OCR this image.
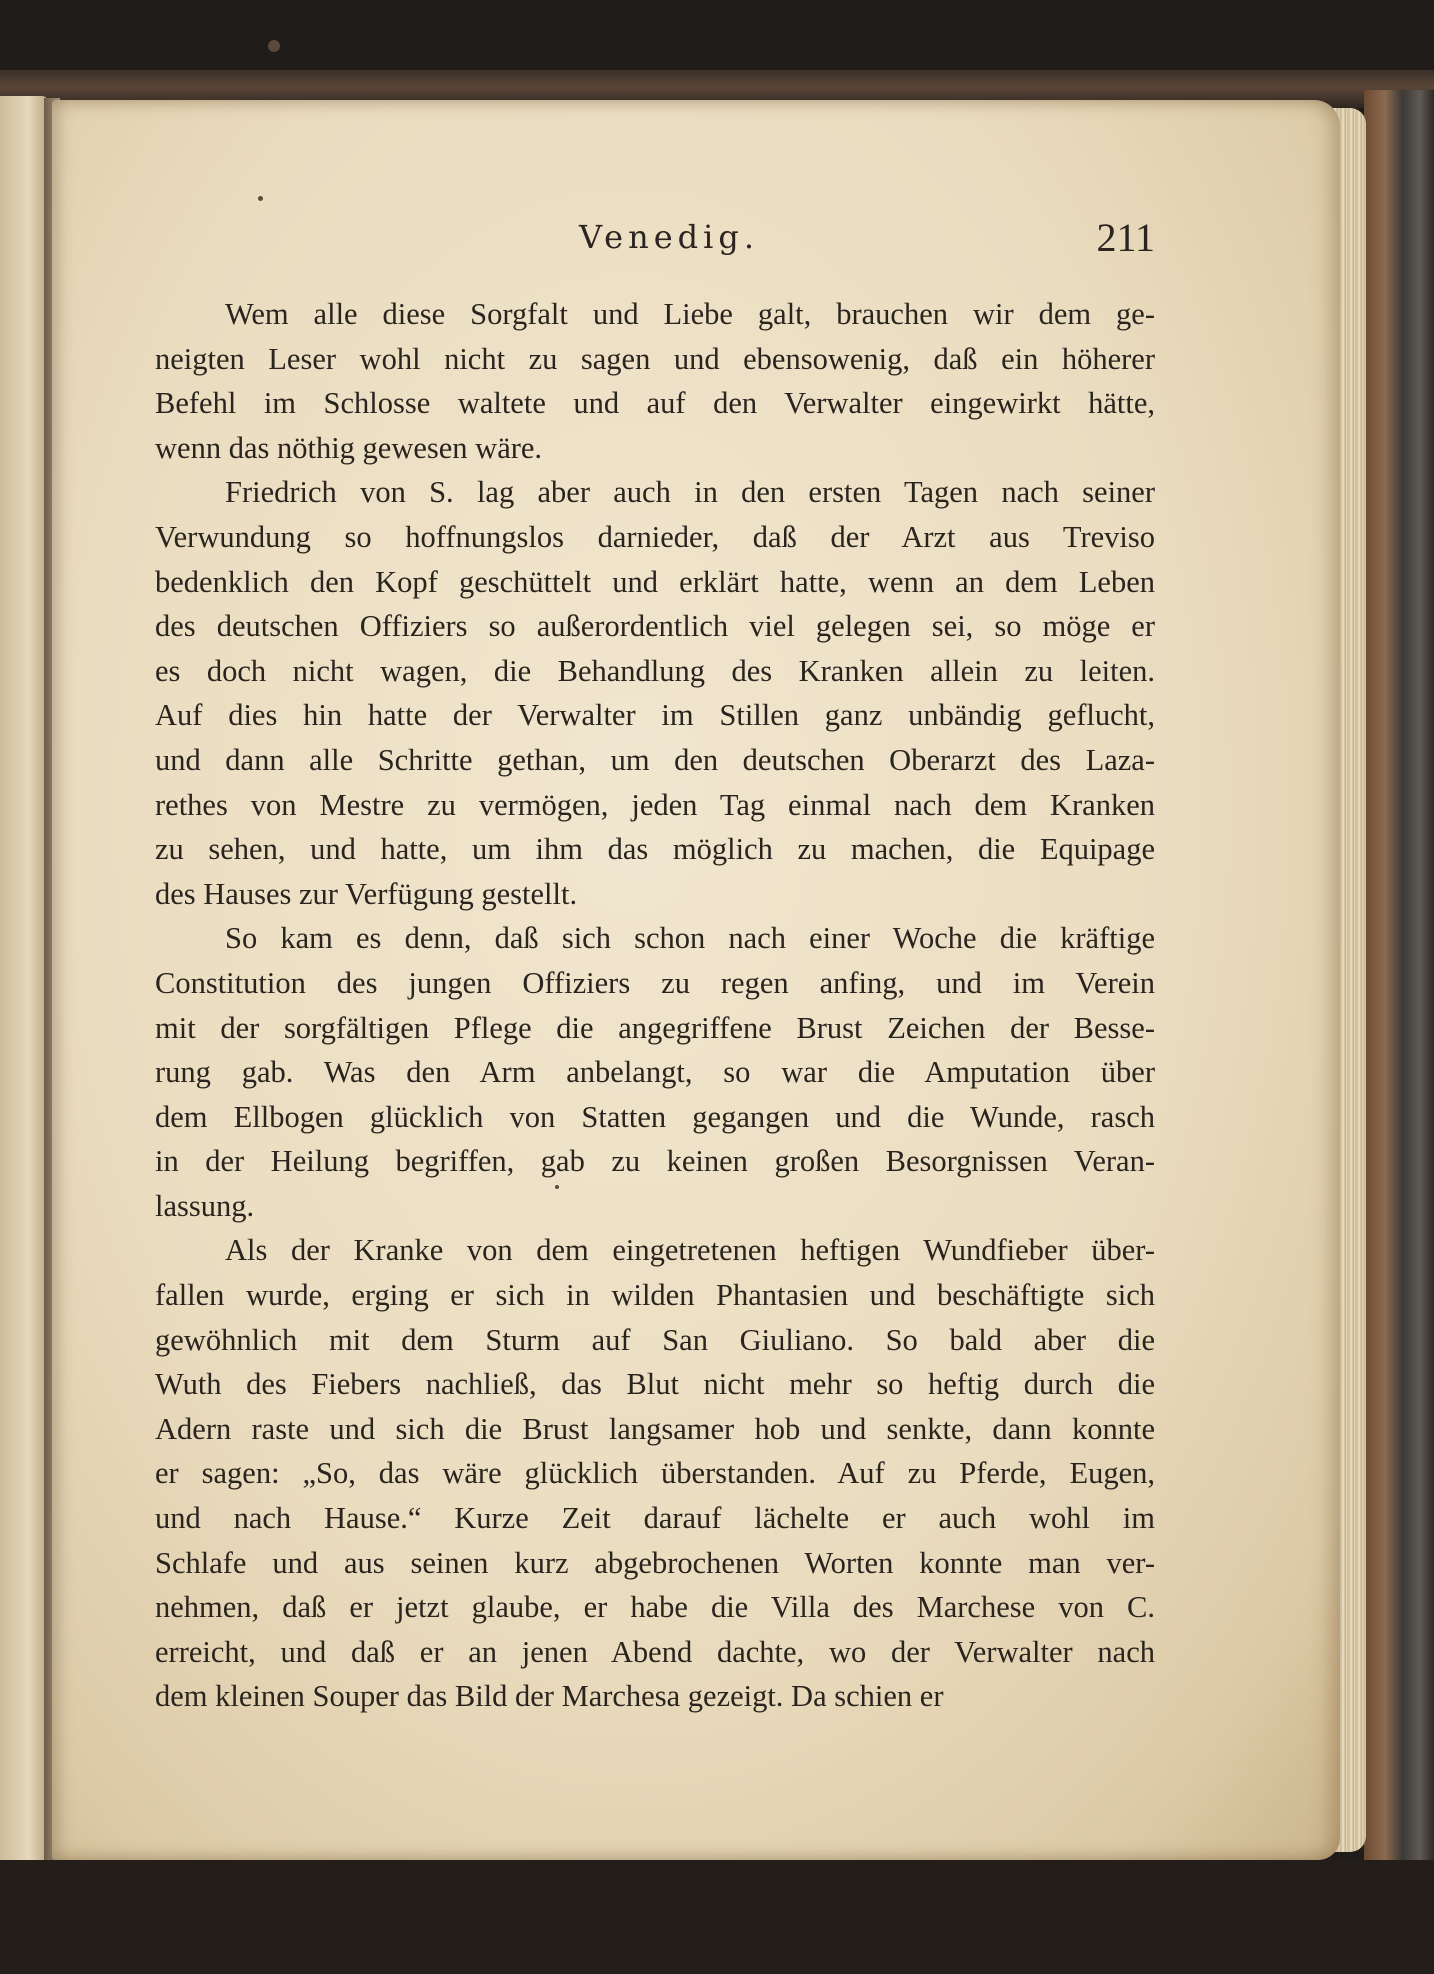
Venedig.	211

Wem alle diese Sorgfalt und Liebe galt, brauchen wir dem ge-
neigten Leser wohl nicht zu sagen und ebensowenig, daß ein höherer
Befehl im Schlosse waltete und auf den Verwalter eingewirkt hätte,
wenn das nöthig gewesen wäre.

Friedrich von S. lag aber auch in den ersten Tagen nach seiner
Verwundung so hoffnungslos darnieder, daß der Arzt aus Treviso
bedenklich den Kopf geschüttelt und erklärt hatte, wenn an dem Leben
des deutschen Offiziers so außerordentlich viel gelegen sei, so möge er
es doch nicht wagen, die Behandlung des Kranken allein zu leiten.
Auf dies hin hatte der Verwalter im Stillen ganz unbändig geflucht,
und dann alle Schritte gethan, um den deutschen Oberarzt des Laza-
rethes von Mestre zu vermögen, jeden Tag einmal nach dem Kranken
zu sehen, und hatte, um ihm das möglich zu machen, die Equipage
des Hauses zur Verfügung gestellt.

So kam es denn, daß sich schon nach einer Woche die kräftige
Constitution des jungen Offiziers zu regen anfing, und im Verein
mit der sorgfältigen Pflege die angegriffene Brust Zeichen der Besse-
rung gab. Was den Arm anbelangt, so war die Amputation über
dem Ellbogen glücklich von Statten gegangen und die Wunde, rasch
in der Heilung begriffen, gab zu keinen großen Besorgnissen Veran-
lassung.

Als der Kranke von dem eingetretenen heftigen Wundfieber über-
fallen wurde, erging er sich in wilden Phantasien und beschäftigte sich
gewöhnlich mit dem Sturm auf San Giuliano. So bald aber die
Wuth des Fiebers nachließ, das Blut nicht mehr so heftig durch die
Adern raste und sich die Brust langsamer hob und senkte, dann konnte
er sagen: „So, das wäre glücklich überstanden. Auf zu Pferde, Eugen,
und nach Hause.“ Kurze Zeit darauf lächelte er auch wohl im
Schlafe und aus seinen kurz abgebrochenen Worten konnte man ver-
nehmen, daß er jetzt glaube, er habe die Villa des Marchese von C.
erreicht, und daß er an jenen Abend dachte, wo der Verwalter nach
dem kleinen Souper das Bild der Marchesa gezeigt. Da schien er
